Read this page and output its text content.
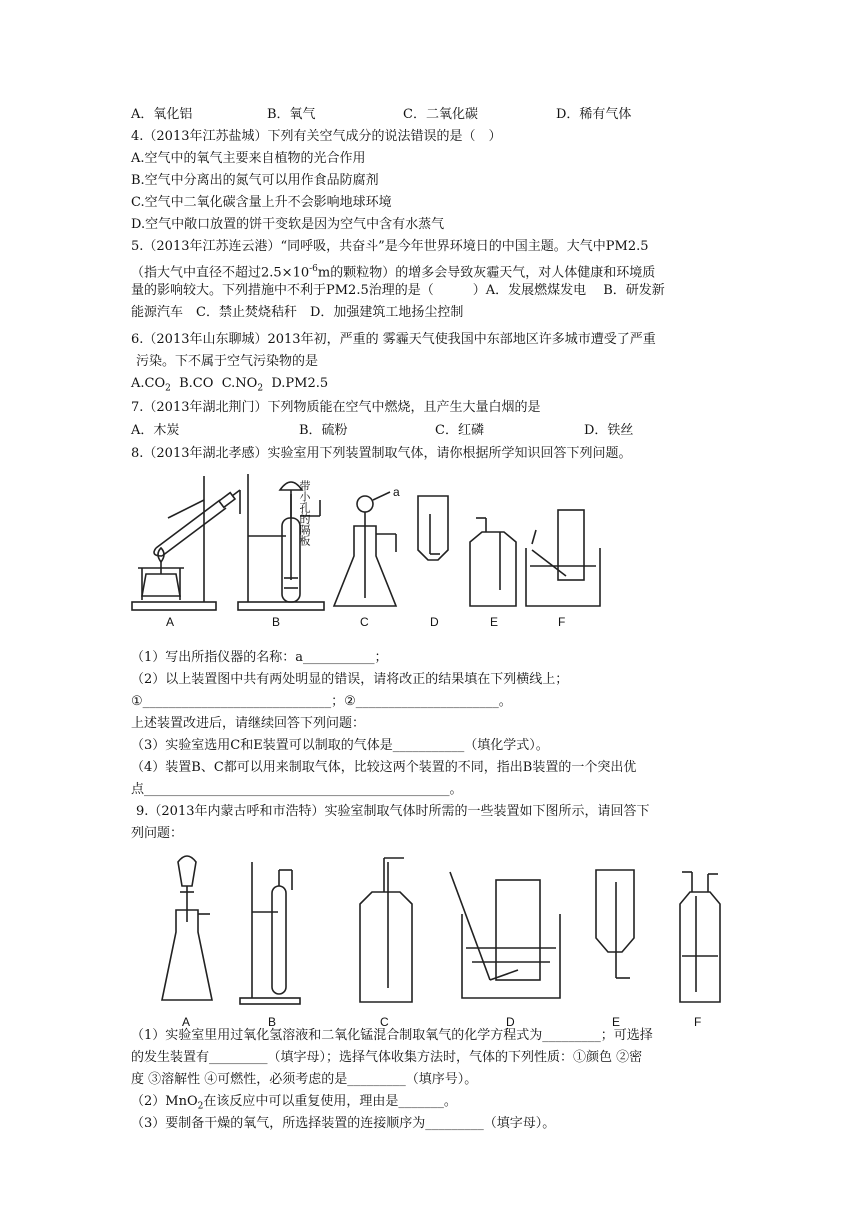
A．氧化铝	B．氧气	C．二氧化碳	D．稀有气体
4.（2013年江苏盐城）下列有关空气成分的说法错误的是（　）
A.空气中的氧气主要来自植物的光合作用
B.空气中分离出的氮气可以用作食品防腐剂
C.空气中二氧化碳含量上升不会影响地球环境
D.空气中敞口放置的饼干变软是因为空气中含有水蒸气
5.（2013年江苏连云港）“同呼吸，共奋斗”是今年世界环境日的中国主题。大气中PM2.5
（指大气中直径不超过$2.5\times 10^{-6}m$的颗粒物）的增多会导致灰霾天气，对人体健康和环境质
量的影响较大。下列措施中不利于PM2.5治理的是（　　　）A．发展燃煤发电　 B．研发新
能源汽车　C．禁止焚烧秸秆　D．加强建筑工地扬尘控制
6.（2013年山东聊城）2013年初，严重的 雾霾天气使我国中东部地区许多城市遭受了严重
污染。下不属于空气污染物的是
$A.CO_2$ B.CO $C.NO_2$ D.PM2.5
7.（2013年湖北荆门）下列物质能在空气中燃烧，且产生大量白烟的是
A．木炭	B．硫粉	C．红磷	D．铁丝
8.（2013年湖北孝感）实验室用下列装置制取气体，请你根据所学知识回答下列问题。
带小孔的隔板	a
A	B	C	D	E	F
（1）写出所指仪器的名称：a___________；
（2）以上装置图中共有两处明显的错误，请将改正的结果填在下列横线上；
①_____________________________；②______________________。
上述装置改进后，请继续回答下列问题：
（3）实验室选用C和E装置可以制取的气体是___________（填化学式）。
（4）装置B、C都可以用来制取气体，比较这两个装置的不同，指出B装置的一个突出优
点_______________________________________________。
9.（2013年内蒙古呼和市浩特）实验室制取气体时所需的一些装置如下图所示，请回答下
列问题：
A	B	C	D	E	F
（1）实验室里用过氧化氢溶液和二氧化锰混合制取氧气的化学方程式为_________；可选择
的发生装置有_________（填字母）；选择气体收集方法时，气体的下列性质：①颜色 ②密
度 ③溶解性 ④可燃性，必须考虑的是_________（填序号）。
（2）MnO$_2$在该反应中可以重复使用，理由是_______。
（3）要制备干燥的氧气，所选择装置的连接顺序为_________（填字母）。
